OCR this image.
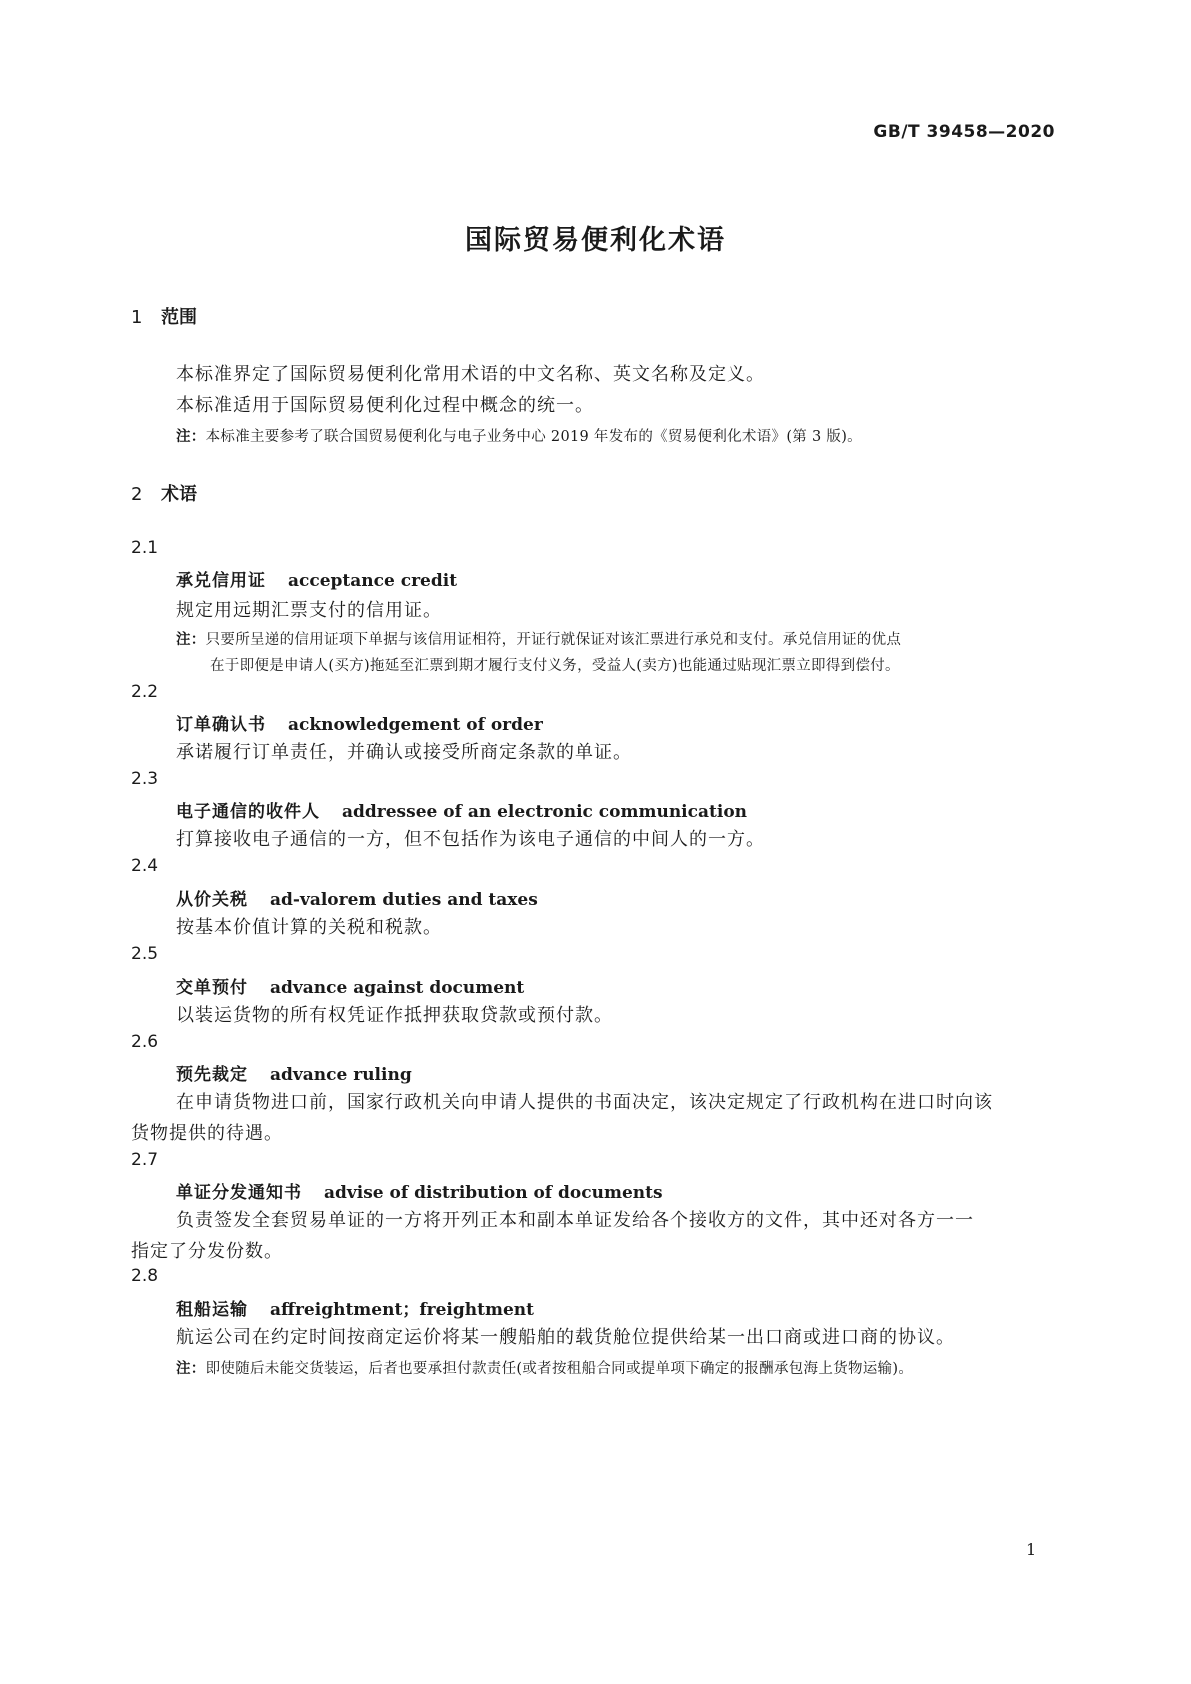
GB/T 39458—2020
国际贸易便利化术语
1 范围
本标准界定了国际贸易便利化常用术语的中文名称、英文名称及定义。
本标准适用于国际贸易便利化过程中概念的统一。
注：本标准主要参考了联合国贸易便利化与电子业务中心 2019 年发布的《贸易便利化术语》(第 3 版)。
2 术语
2.1
承兑信用证 acceptance credit
规定用远期汇票支付的信用证。
注：只要所呈递的信用证项下单据与该信用证相符，开证行就保证对该汇票进行承兑和支付。承兑信用证的优点
在于即便是申请人(买方)拖延至汇票到期才履行支付义务，受益人(卖方)也能通过贴现汇票立即得到偿付。
2.2
订单确认书 acknowledgement of order
承诺履行订单责任，并确认或接受所商定条款的单证。
2.3
电子通信的收件人 addressee of an electronic communication
打算接收电子通信的一方，但不包括作为该电子通信的中间人的一方。
2.4
从价关税 ad-valorem duties and taxes
按基本价值计算的关税和税款。
2.5
交单预付 advance against document
以装运货物的所有权凭证作抵押获取贷款或预付款。
2.6
预先裁定 advance ruling
在申请货物进口前，国家行政机关向申请人提供的书面决定，该决定规定了行政机构在进口时向该
货物提供的待遇。
2.7
单证分发通知书 advise of distribution of documents
负责签发全套贸易单证的一方将开列正本和副本单证发给各个接收方的文件，其中还对各方一一
指定了分发份数。
2.8
租船运输 affreightment；freightment
航运公司在约定时间按商定运价将某一艘船舶的载货舱位提供给某一出口商或进口商的协议。
注：即使随后未能交货装运，后者也要承担付款责任(或者按租船合同或提单项下确定的报酬承包海上货物运输)。
1
